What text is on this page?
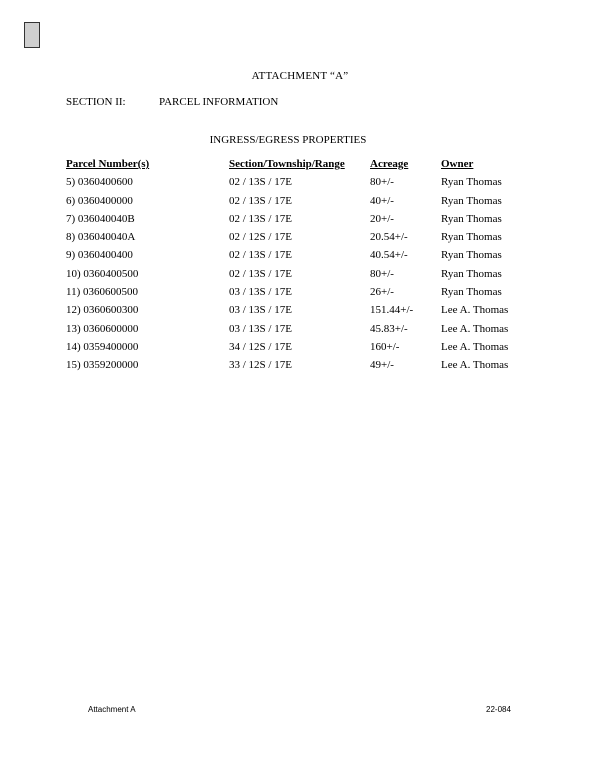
ATTACHMENT “A”
SECTION II:	PARCEL INFORMATION
INGRESS/EGRESS PROPERTIES
Parcel Number(s)	Section/Township/Range Acreage	Owner
5) 0360400600	02 / 13S / 17E	80+/-	Ryan Thomas
6) 0360400000	02 / 13S / 17E	40+/-	Ryan Thomas
7) 036040040B	02 / 13S / 17E	20+/-	Ryan Thomas
8) 036040040A	02 / 12S / 17E	20.54+/-	Ryan Thomas
9) 0360400400	02 / 13S / 17E	40.54+/-	Ryan Thomas
10) 0360400500	02 / 13S / 17E	80+/-	Ryan Thomas
11) 0360600500	03 / 13S / 17E	26+/-	Ryan Thomas
12) 0360600300	03 / 13S / 17E	151.44+/-	Lee A. Thomas
13) 0360600000	03 / 13S / 17E	45.83+/-	Lee A. Thomas
14) 0359400000	34 / 12S / 17E	160+/-	Lee A. Thomas
15) 0359200000	33 / 12S / 17E	49+/-	Lee A. Thomas
Attachment A	22-084
